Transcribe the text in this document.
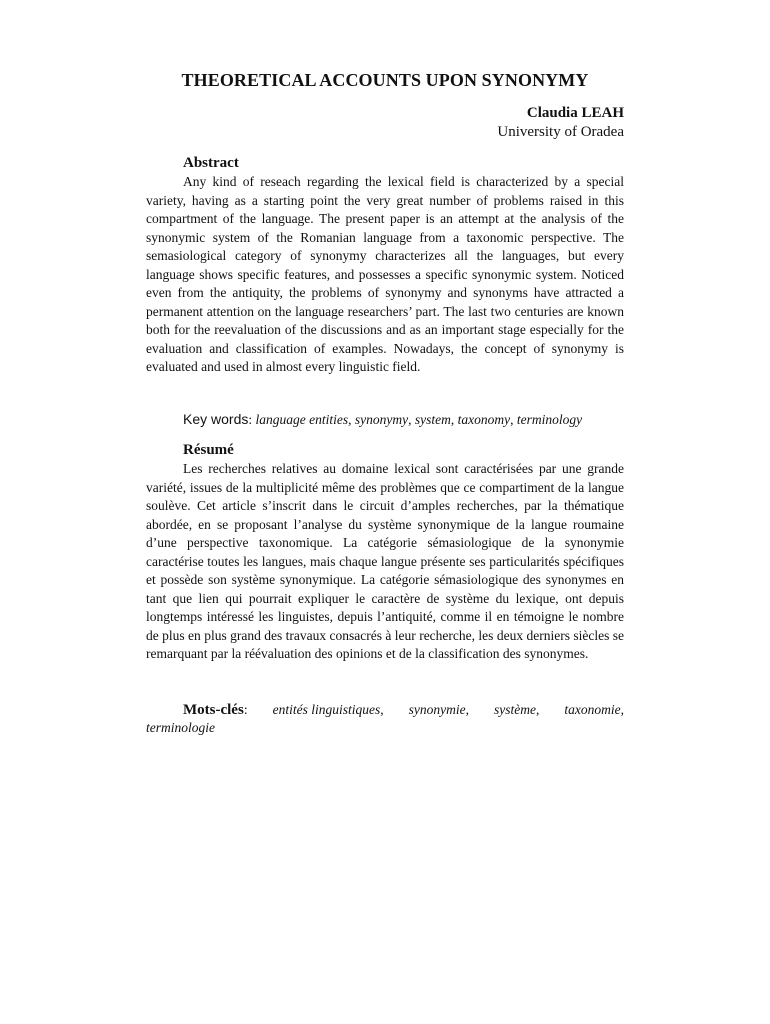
THEORETICAL ACCOUNTS UPON SYNONYMY
Claudia LEAH
University of Oradea
Abstract

Any kind of reseach regarding the lexical field is characterized by a special variety, having as a starting point the very great number of problems raised in this compartment of the language. The present paper is an attempt at the analysis of the synonymic system of the Romanian language from a taxonomic perspective. The semasiological category of synonymy characterizes all the languages, but every language shows specific features, and possesses a specific synonymic system. Noticed even from the antiquity, the problems of synonymy and synonyms have attracted a permanent attention on the language researchers’ part. The last two centuries are known both for the reevaluation of the discussions and as an important stage especially for the evaluation and classification of examples. Nowadays, the concept of synonymy is evaluated and used in almost every linguistic field.

Key words: language entities, synonymy, system, taxonomy, terminology
Résumé

Les recherches relatives au domaine lexical sont caractérisées par une grande variété, issues de la multiplicité même des problèmes que ce compartiment de la langue soulève. Cet article s’inscrit dans le circuit d’amples recherches, par la thématique abordée, en se proposant l’analyse du système synonymique de la langue roumaine d’une perspective taxonomique. La catégorie sémasiologique de la synonymie caractérise toutes les langues, mais chaque langue présente ses particularités spécifiques et possède son système synonymique. La catégorie sémasiologique des synonymes en tant que lien qui pourrait expliquer le caractère de système du lexique, ont depuis longtemps intéressé les linguistes, depuis l’antiquité, comme il en témoigne le nombre de plus en plus grand des travaux consacrés à leur recherche, les deux derniers siècles se remarquant par la réévaluation des opinions et de la classification des synonymes.

Mots-clés: entités linguistiques, synonymie, système, taxonomie,
terminologie
